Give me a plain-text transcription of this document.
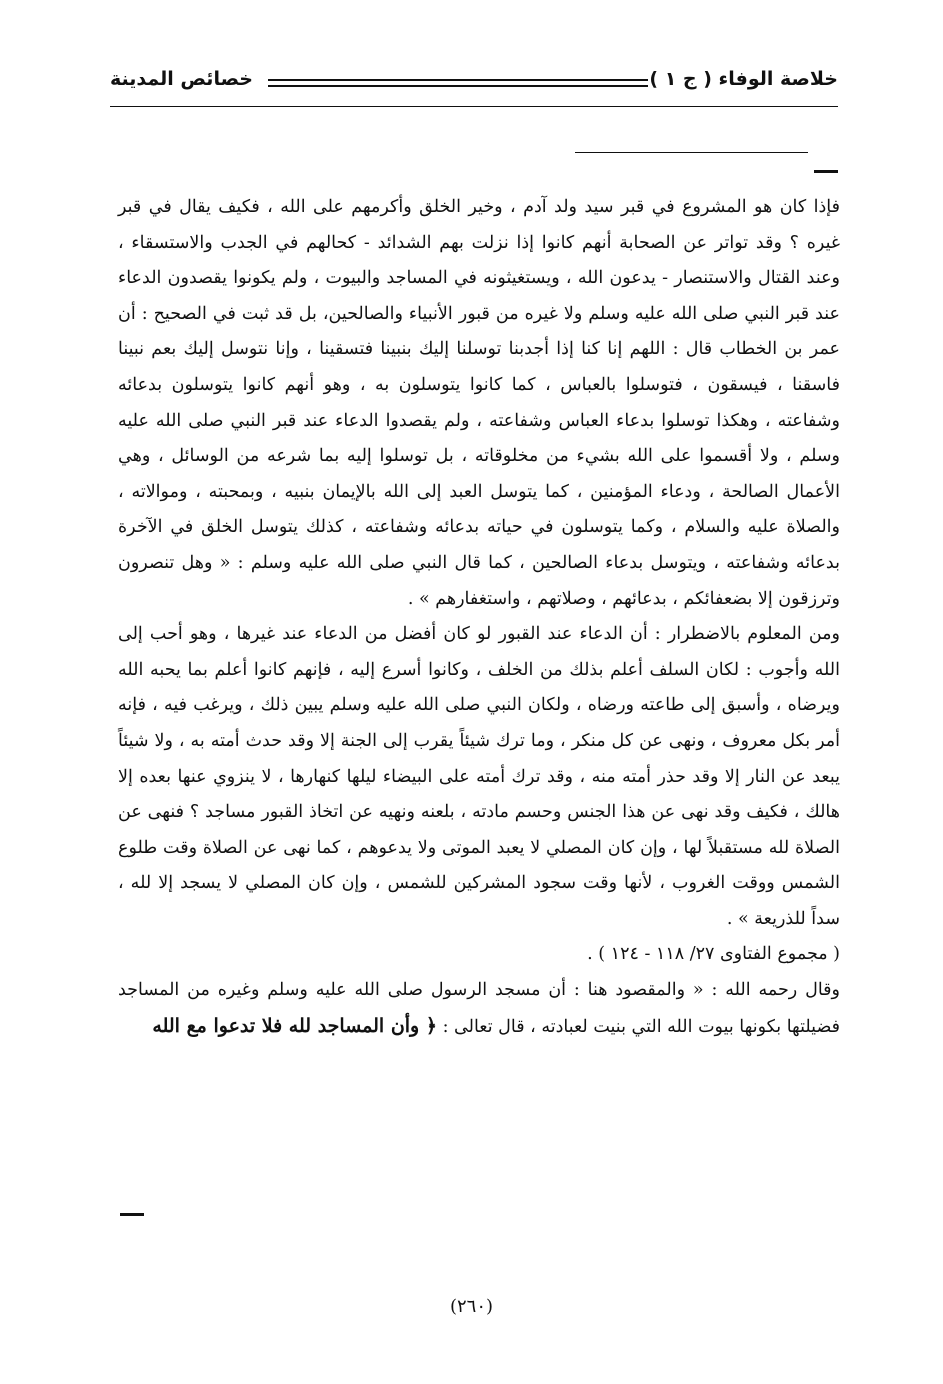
خلاصة الوفاء ( ج ١ )
خصائص المدينة

فإذا كان هو المشروع في قبر سيد ولد آدم ، وخير الخلق وأكرمهم على الله ، فكيف يقال في قبر غيره ؟ وقد تواتر عن الصحابة أنهم كانوا إذا نزلت بهم الشدائد - كحالهم في الجدب والاستسقاء ، وعند القتال والاستنصار - يدعون الله ، ويستغيثونه في المساجد والبيوت ، ولم يكونوا يقصدون الدعاء عند قبر النبي صلى الله عليه وسلم ولا غيره من قبور الأنبياء والصالحين، بل قد ثبت في الصحيح : أن عمر بن الخطاب قال : اللهم إنا كنا إذا أجدبنا توسلنا إليك بنبينا فتسقينا ، وإنا نتوسل إليك بعم نبينا فاسقنا ، فيسقون ، فتوسلوا بالعباس ، كما كانوا يتوسلون به ، وهو أنهم كانوا يتوسلون بدعائه وشفاعته ، وهكذا توسلوا بدعاء العباس وشفاعته ، ولم يقصدوا الدعاء عند قبر النبي صلى الله عليه وسلم ، ولا أقسموا على الله بشيء من مخلوقاته ، بل توسلوا إليه بما شرعه من الوسائل ، وهي الأعمال الصالحة ، ودعاء المؤمنين ، كما يتوسل العبد إلى الله بالإيمان بنبيه ، وبمحبته ، وموالاته ، والصلاة عليه والسلام ، وكما يتوسلون في حياته بدعائه وشفاعته ، كذلك يتوسل الخلق في الآخرة بدعائه وشفاعته ، ويتوسل بدعاء الصالحين ، كما قال النبي صلى الله عليه وسلم : « وهل تنصرون وترزقون إلا بضعفائكم ، بدعائهم ، وصلاتهم ، واستغفارهم » .

ومن المعلوم بالاضطرار : أن الدعاء عند القبور لو كان أفضل من الدعاء عند غيرها ، وهو أحب إلى الله وأجوب : لكان السلف أعلم بذلك من الخلف ، وكانوا أسرع إليه ، فإنهم كانوا أعلم بما يحبه الله ويرضاه ، وأسبق إلى طاعته ورضاه ، ولكان النبي صلى الله عليه وسلم يبين ذلك ، ويرغب فيه ، فإنه أمر بكل معروف ، ونهى عن كل منكر ، وما ترك شيئاً يقرب إلى الجنة إلا وقد حدث أمته به ، ولا شيئاً يبعد عن النار إلا وقد حذر أمته منه ، وقد ترك أمته على البيضاء ليلها كنهارها ، لا ينزوي عنها بعده إلا هالك ، فكيف وقد نهى عن هذا الجنس وحسم مادته ، بلعنه ونهيه عن اتخاذ القبور مساجد ؟ فنهى عن الصلاة لله مستقبلاً لها ، وإن كان المصلي لا يعبد الموتى ولا يدعوهم ، كما نهى عن الصلاة وقت طلوع الشمس ووقت الغروب ، لأنها وقت سجود المشركين للشمس ، وإن كان المصلي لا يسجد إلا لله ، سداً للذريعة » .

( مجموع الفتاوى ٢٧/ ١١٨ - ١٢٤ ) .

وقال رحمه الله : « والمقصود هنا : أن مسجد الرسول صلى الله عليه وسلم وغيره من المساجد فضيلتها بكونها بيوت الله التي بنيت لعبادته ، قال تعالى : ﴿ وأن المساجد لله فلا تدعوا مع الله

(٢٦٠)
